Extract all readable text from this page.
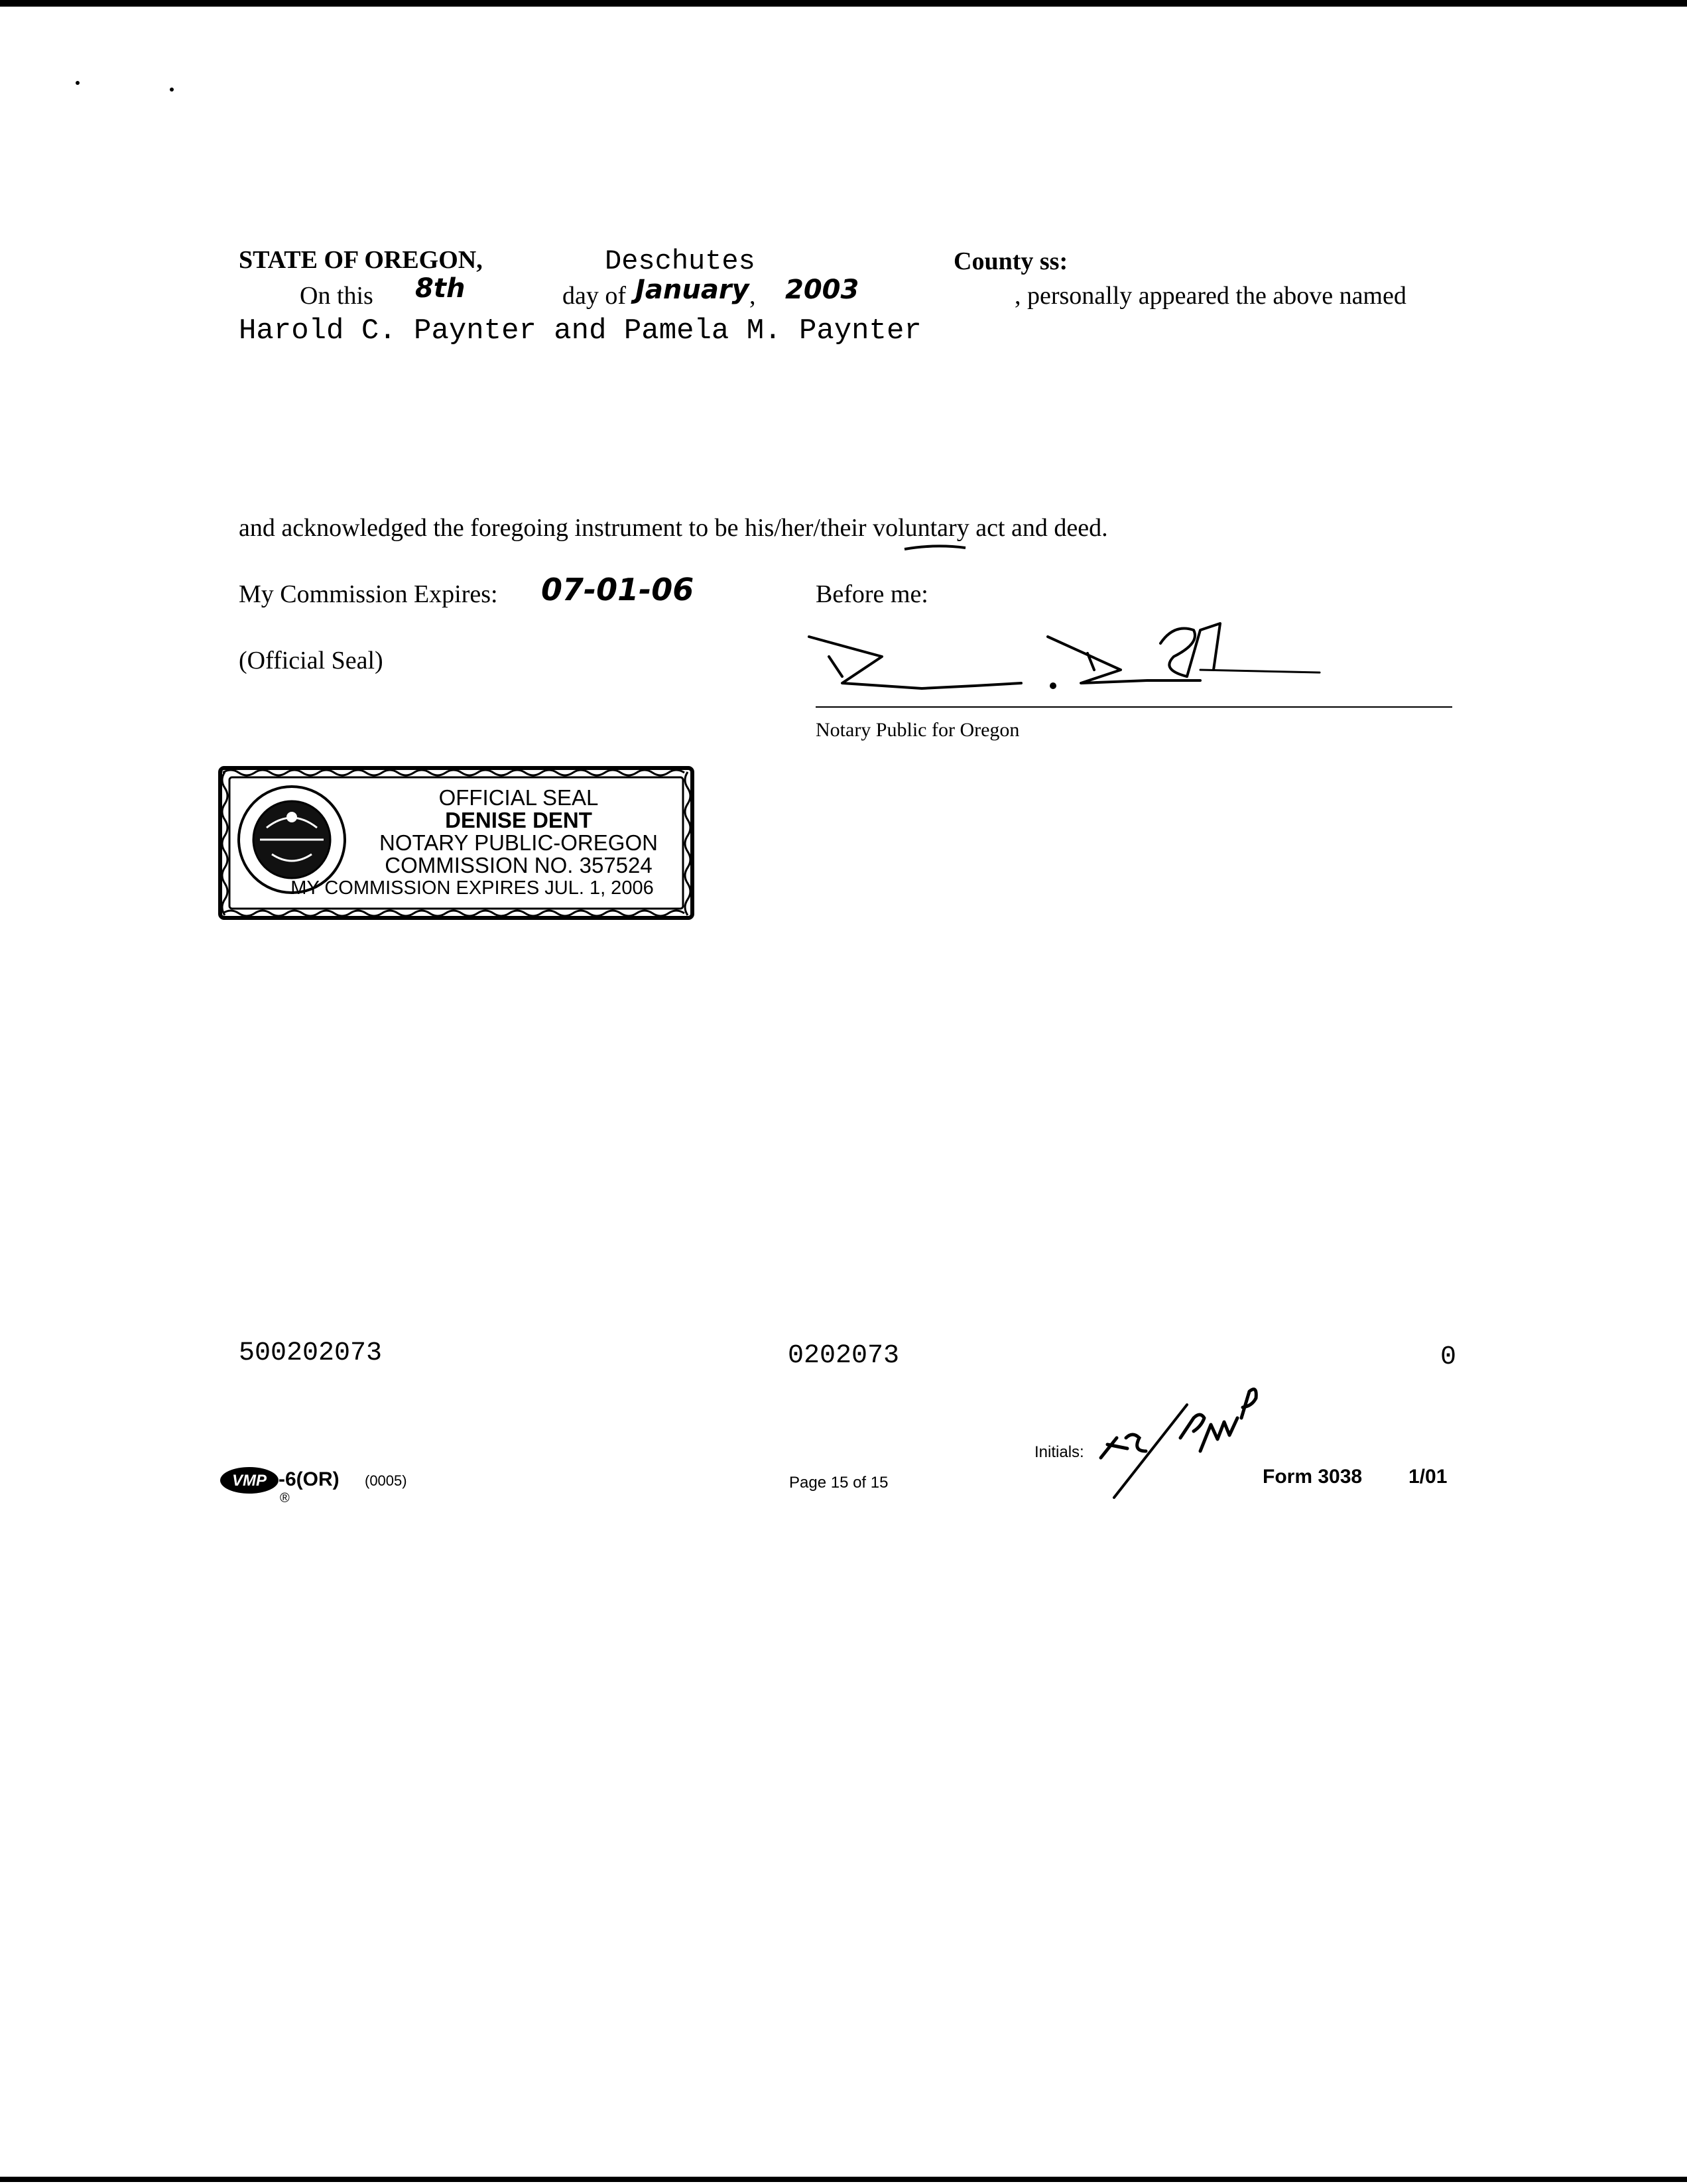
STATE OF OREGON,	Deschutes	County ss:
On this 8th	day of January , 2003	, personally appeared the above named
Harold C. Paynter and Pamela M. Paynter
and acknowledged the foregoing instrument to be his/her/their voluntary act and deed.
My Commission Expires: 07-01-06	Before me:
(Official Seal)
Notary Public for Oregon
OFFICIAL SEAL
DENISE DENT
NOTARY PUBLIC-OREGON
COMMISSION NO. 357524
MY COMMISSION EXPIRES JUL. 1, 2006
500202073	0202073	0
VMP -6(OR) (0005)
®
Page 15 of 15
Initials:
Form 3038 1/01
